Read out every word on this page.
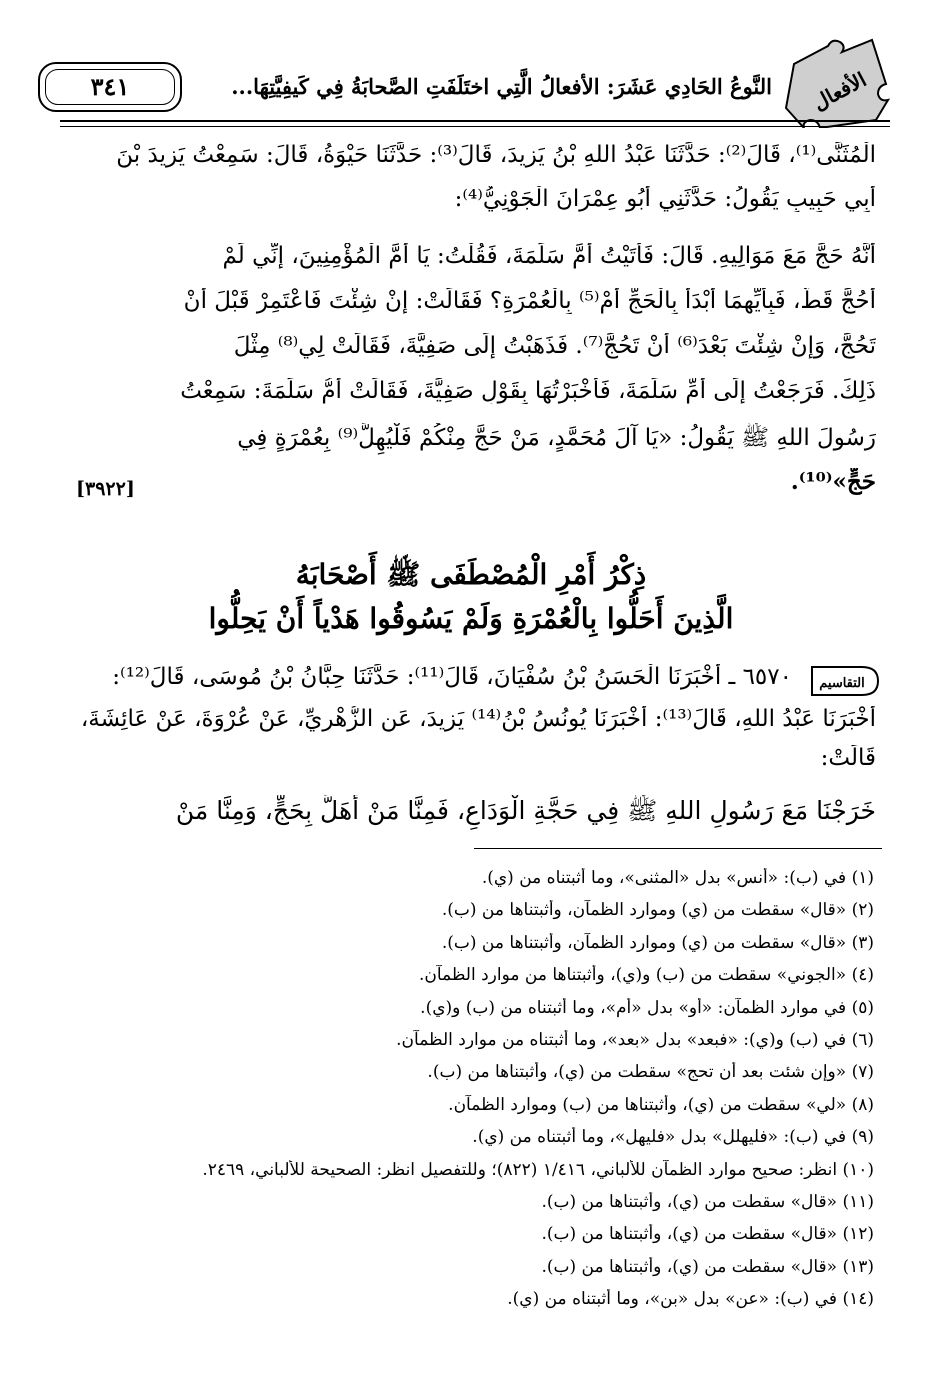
الأفعال
النَّوعُ الحَادِي عَشَرَ: الأفعالُ الَّتِي اختَلَفَتِ الصَّحابَةُ فِي كَيفِيَّتِهَا...
٣٤١
الْمُثَنَّى⁽¹⁾، قَالَ⁽²⁾: حَدَّثَنَا عَبْدُ اللهِ بْنُ يَزِيدَ، قَالَ⁽³⁾: حَدَّثَنَا حَيْوَةُ، قَالَ: سَمِعْتُ يَزِيدَ بْنَ
أَبِي حَبِيبٍ يَقُولُ: حَدَّثَنِي أَبُو عِمْرَانَ الْجَوْنِيُّ⁽⁴⁾:
أَنَّهُ حَجَّ مَعَ مَوَالِيهِ. قَالَ: فَأَتَيْتُ أُمَّ سَلَمَةَ، فَقُلْتُ: يَا أُمَّ الْمُؤْمِنِينَ، إِنِّي لَمْ
أَحُجَّ قَطُّ، فَبِأَيِّهِمَا أَبْدَأُ بِالْحَجِّ أَمْ⁽⁵⁾ بِالْعُمْرَةِ؟ فَقَالَتْ: إِنْ شِئْتَ فَاعْتَمِرْ قَبْلَ أَنْ
تَحُجَّ، وَإِنْ شِئْتَ بَعْدَ⁽⁶⁾ أَنْ تَحُجَّ⁽⁷⁾. فَذَهَبْتُ إِلَى صَفِيَّةَ، فَقَالَتْ لِي⁽⁸⁾ مِثْلَ
ذَلِكَ. فَرَجَعْتُ إِلَى أُمِّ سَلَمَةَ، فَأَخْبَرْتُهَا بِقَوْلِ صَفِيَّةَ، فَقَالَتْ أُمُّ سَلَمَةَ: سَمِعْتُ
رَسُولَ اللهِ ﷺ يَقُولُ: «يَا آلَ مُحَمَّدٍ، مَنْ حَجَّ مِنْكُمْ فَلْيُهِلَّ⁽⁹⁾ بِعُمْرَةٍ فِي
حَجٍّ»⁽¹⁰⁾.
[٣٩٢٢]
ذِكْرُ أَمْرِ الْمُصْطَفَى ﷺ أَصْحَابَهُ
الَّذِينَ أَحَلُّوا بِالْعُمْرَةِ وَلَمْ يَسُوقُوا هَدْياً أَنْ يَحِلُّوا
التقاسيم
٦٥٧٠ ـ أَخْبَرَنَا الْحَسَنُ بْنُ سُفْيَانَ، قَالَ⁽¹¹⁾: حَدَّثَنَا حِبَّانُ بْنُ مُوسَى، قَالَ⁽¹²⁾:
أَخْبَرَنَا عَبْدُ اللهِ، قَالَ⁽¹³⁾: أَخْبَرَنَا يُونُسُ بْنُ⁽¹⁴⁾ يَزِيدَ، عَنِ الزُّهْرِيِّ، عَنْ عُرْوَةَ، عَنْ عَائِشَةَ،
قَالَتْ:
خَرَجْنَا مَعَ رَسُولِ اللهِ ﷺ فِي حَجَّةِ الْوَدَاعِ، فَمِنَّا مَنْ أَهَلَّ بِحَجٍّ، وَمِنَّا مَنْ
(١) في (ب): «أنس» بدل «المثنى»، وما أثبتناه من (ي).
(٢) «قال» سقطت من (ي) وموارد الظمآن، وأثبتناها من (ب).
(٣) «قال» سقطت من (ي) وموارد الظمآن، وأثبتناها من (ب).
(٤) «الجوني» سقطت من (ب) و(ي)، وأثبتناها من موارد الظمآن.
(٥) في موارد الظمآن: «أو» بدل «أم»، وما أثبتناه من (ب) و(ي).
(٦) في (ب) و(ي): «فبعد» بدل «بعد»، وما أثبتناه من موارد الظمآن.
(٧) «وإن شئت بعد أن تحج» سقطت من (ي)، وأثبتناها من (ب).
(٨) «لي» سقطت من (ي)، وأثبتناها من (ب) وموارد الظمآن.
(٩) في (ب): «فليهلل» بدل «فليهل»، وما أثبتناه من (ي).
(١٠) انظر: صحيح موارد الظمآن للألباني، ١/٤١٦ (٨٢٢)؛ وللتفصيل انظر: الصحيحة للألباني، ٢٤٦٩.
(١١) «قال» سقطت من (ي)، وأثبتناها من (ب).
(١٢) «قال» سقطت من (ي)، وأثبتناها من (ب).
(١٣) «قال» سقطت من (ي)، وأثبتناها من (ب).
(١٤) في (ب): «عن» بدل «بن»، وما أثبتناه من (ي).
